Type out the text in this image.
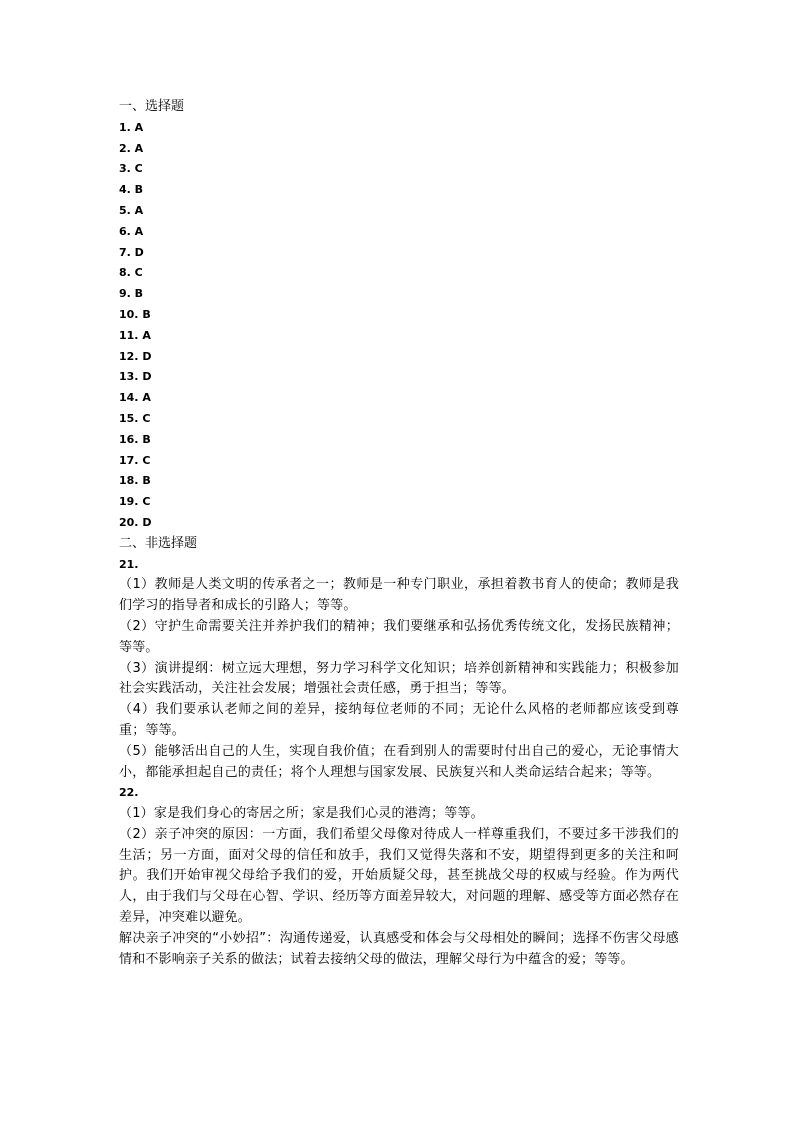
一、选择题
1. A
2. A
3. C
4. B
5. A
6. A
7. D
8. C
9. B
10. B
11. A
12. D
13. D
14. A
15. C
16. B
17. C
18. B
19. C
20. D
二、非选择题
21.
（1）教师是人类文明的传承者之一；教师是一种专门职业，承担着教书育人的使命；教师是我们学习的指导者和成长的引路人；等等。
（2）守护生命需要关注并养护我们的精神；我们要继承和弘扬优秀传统文化，发扬民族精神；等等。
（3）演讲提纲：树立远大理想，努力学习科学文化知识；培养创新精神和实践能力；积极参加社会实践活动，关注社会发展；增强社会责任感，勇于担当；等等。
（4）我们要承认老师之间的差异，接纳每位老师的不同；无论什么风格的老师都应该受到尊重；等等。
（5）能够活出自己的人生，实现自我价值；在看到别人的需要时付出自己的爱心，无论事情大小，都能承担起自己的责任；将个人理想与国家发展、民族复兴和人类命运结合起来；等等。
22.
（1）家是我们身心的寄居之所；家是我们心灵的港湾；等等。
（2）亲子冲突的原因：一方面，我们希望父母像对待成人一样尊重我们，不要过多干涉我们的生活；另一方面，面对父母的信任和放手，我们又觉得失落和不安，期望得到更多的关注和呵护。我们开始审视父母给予我们的爱，开始质疑父母，甚至挑战父母的权威与经验。作为两代人，由于我们与父母在心智、学识、经历等方面差异较大，对问题的理解、感受等方面必然存在差异，冲突难以避免。
解决亲子冲突的“小妙招”：沟通传递爱，认真感受和体会与父母相处的瞬间；选择不伤害父母感情和不影响亲子关系的做法；试着去接纳父母的做法，理解父母行为中蕴含的爱；等等。
